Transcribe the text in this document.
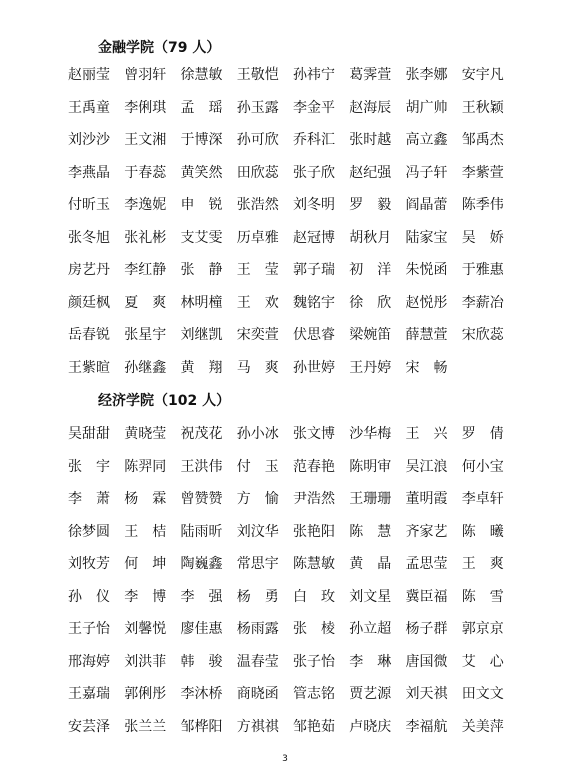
金融学院（79 人）
赵丽莹	曾羽轩	徐慧敏	王敬恺	孙祎宁	葛霁萱	张李娜	安宇凡
王禹童	李俐琪	孟　瑶	孙玉露	李金平	赵海辰	胡广帅	王秋颖
刘沙沙	王文湘	于博深	孙可欣	乔科汇	张时越	高立鑫	邹禹杰
李燕晶	于春蕊	黄笑然	田欣蕊	张子欣	赵纪强	冯子轩	李紫萱
付昕玉	李逸妮	申　锐	张浩然	刘冬明	罗　毅	阎晶蕾	陈季伟
张冬旭	张礼彬	支艾雯	历卓雅	赵冠博	胡秋月	陆家宝	吴　娇
房艺丹	李红静	张　静	王　莹	郭子瑞	初　洋	朱悦函	于雅惠
颜廷枫	夏　爽	林明橦	王　欢	魏铭宇	徐　欣	赵悦彤	李薪冶
岳春锐	张星宇	刘继凯	宋奕萱	伏思睿	梁婉笛	薛慧萱	宋欣蕊
王紫暄	孙继鑫	黄　翔	马　爽	孙世婷	王丹婷	宋　畅
经济学院（102 人）
吴甜甜	黄晓莹	祝茂花	孙小冰	张文博	沙华梅	王　兴	罗　倩
张　宇	陈羿同	王洪伟	付　玉	范春艳	陈明审	吴江浪	何小宝
李　萧	杨　霖	曾赞赞	方　愉	尹浩然	王珊珊	董明霞	李卓轩
徐梦圆	王　桔	陆雨昕	刘汶华	张艳阳	陈　慧	齐家艺	陈　曦
刘牧芳	何　坤	陶巍鑫	常思宇	陈慧敏	黄　晶	孟思莹	王　爽
孙　仪	李　博	李　强	杨　勇	白　玫	刘文星	冀臣福	陈　雪
王子怡	刘馨悦	廖佳惠	杨雨露	张　棱	孙立超	杨子群	郭京京
邢海婷	刘洪菲	韩　骏	温春莹	张子怡	李　琳	唐国微	艾　心
王嘉瑞	郭俐彤	李沐桥	商晓函	管志铭	贾艺源	刘天祺	田文文
安芸泽	张兰兰	邹桦阳	方祺祺	邹艳茹	卢晓庆	李福航	关美萍
3
